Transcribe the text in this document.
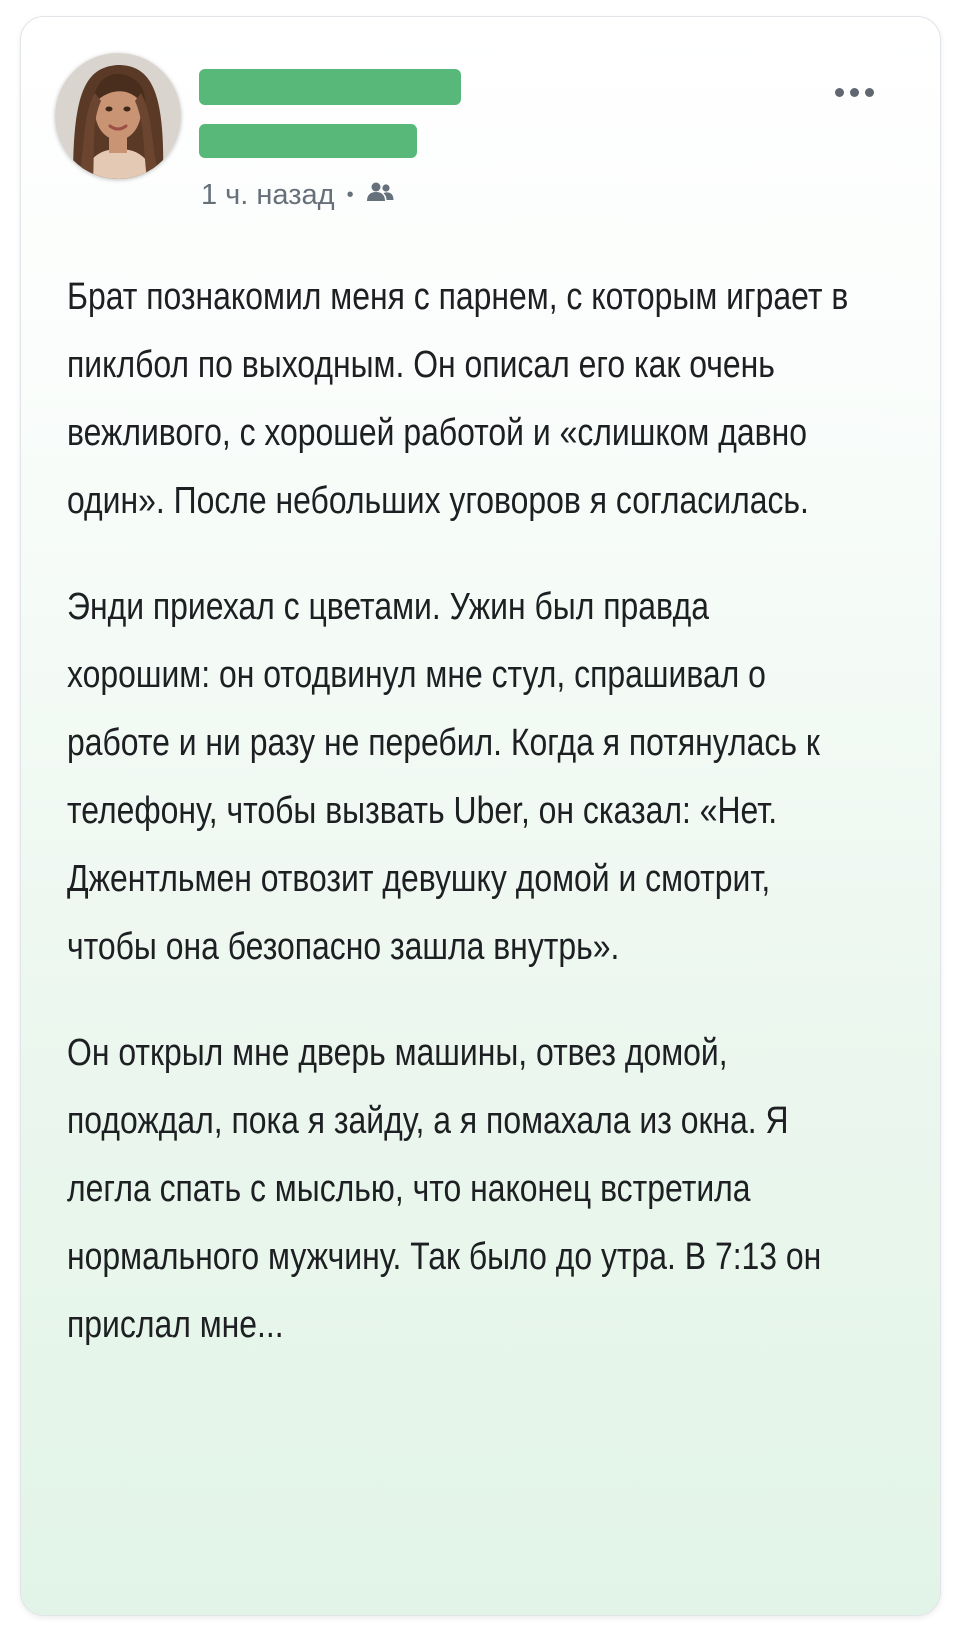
1 ч. назад •

Брат познакомил меня с парнем, с которым играет в пиклбол по выходным. Он описал его как очень вежливого, с хорошей работой и «слишком давно один». После небольших уговоров я согласилась.

Энди приехал с цветами. Ужин был правда хорошим: он отодвинул мне стул, спрашивал о работе и ни разу не перебил. Когда я потянулась к телефону, чтобы вызвать Uber, он сказал: «Нет. Джентльмен отвозит девушку домой и смотрит, чтобы она безопасно зашла внутрь».

Он открыл мне дверь машины, отвез домой, подождал, пока я зайду, а я помахала из окна. Я легла спать с мыслью, что наконец встретила нормального мужчину. Так было до утра. В 7:13 он прислал мне...
